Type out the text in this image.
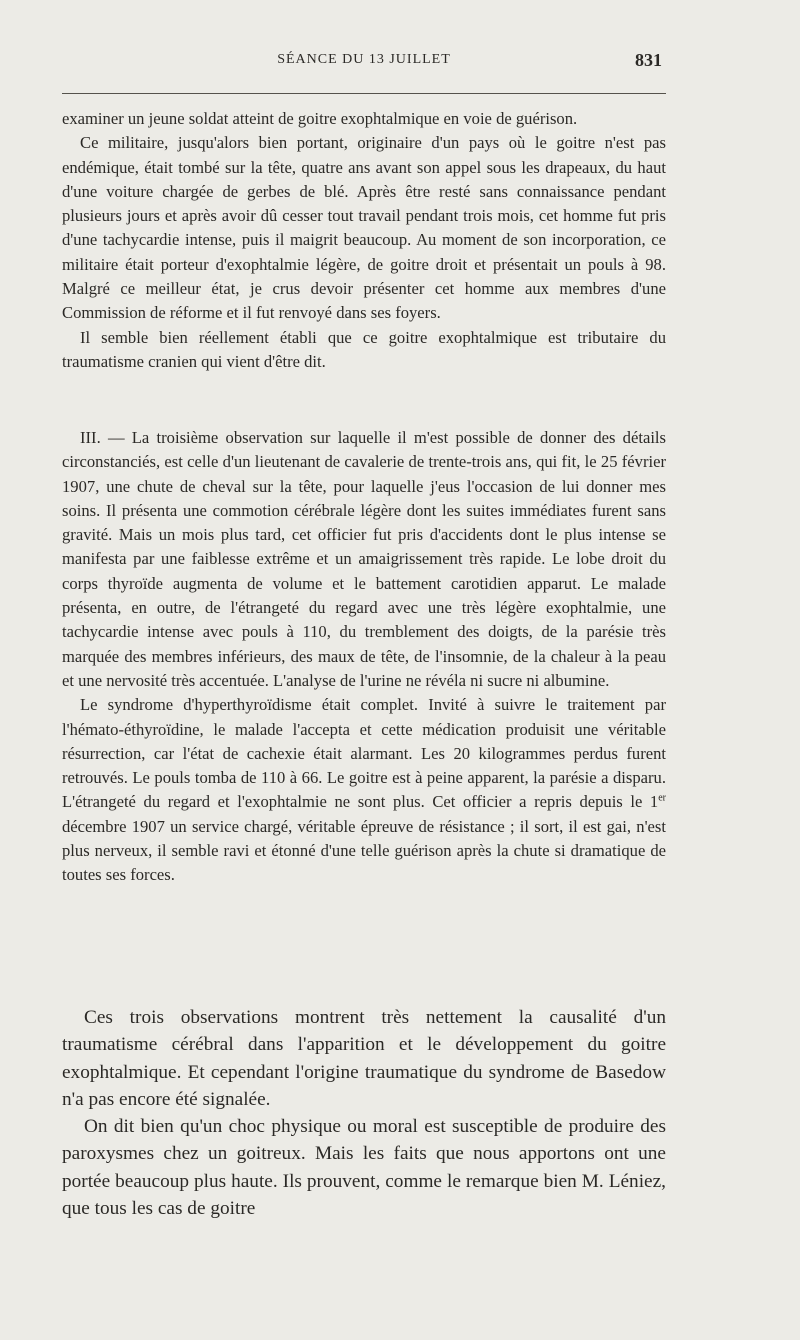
SÉANCE DU 13 JUILLET	831

examiner un jeune soldat atteint de goitre exophtalmique en voie de guérison.

Ce militaire, jusqu'alors bien portant, originaire d'un pays où le goitre n'est pas endémique, était tombé sur la tête, quatre ans avant son appel sous les drapeaux, du haut d'une voiture chargée de gerbes de blé. Après être resté sans connaissance pendant plusieurs jours et après avoir dû cesser tout travail pendant trois mois, cet homme fut pris d'une tachycardie intense, puis il maigrit beaucoup. Au moment de son incorporation, ce militaire était porteur d'exophtalmie légère, de goitre droit et présentait un pouls à 98. Malgré ce meilleur état, je crus devoir présenter cet homme aux membres d'une Commission de réforme et il fut renvoyé dans ses foyers.

Il semble bien réellement établi que ce goitre exophtalmique est tributaire du traumatisme cranien qui vient d'être dit.

III. — La troisième observation sur laquelle il m'est possible de donner des détails circonstanciés, est celle d'un lieutenant de cavalerie de trente-trois ans, qui fit, le 25 février 1907, une chute de cheval sur la tête, pour laquelle j'eus l'occasion de lui donner mes soins. Il présenta une commotion cérébrale légère dont les suites immédiates furent sans gravité. Mais un mois plus tard, cet officier fut pris d'accidents dont le plus intense se manifesta par une faiblesse extrême et un amaigrissement très rapide. Le lobe droit du corps thyroïde augmenta de volume et le battement carotidien apparut. Le malade présenta, en outre, de l'étrangeté du regard avec une très légère exophtalmie, une tachycardie intense avec pouls à 110, du tremblement des doigts, de la parésie très marquée des membres inférieurs, des maux de tête, de l'insomnie, de la chaleur à la peau et une nervosité très accentuée. L'analyse de l'urine ne révéla ni sucre ni albumine.

Le syndrome d'hyperthyroïdisme était complet. Invité à suivre le traitement par l'hémato-éthyroïdine, le malade l'accepta et cette médication produisit une véritable résurrection, car l'état de cachexie était alarmant. Les 20 kilogrammes perdus furent retrouvés. Le pouls tomba de 110 à 66. Le goitre est à peine apparent, la parésie a disparu. L'étrangeté du regard et l'exophtalmie ne sont plus. Cet officier a repris depuis le 1er décembre 1907 un service chargé, véritable épreuve de résistance ; il sort, il est gai, n'est plus nerveux, il semble ravi et étonné d'une telle guérison après la chute si dramatique de toutes ses forces.

Ces trois observations montrent très nettement la causalité d'un traumatisme cérébral dans l'apparition et le développement du goitre exophtalmique. Et cependant l'origine traumatique du syndrome de Basedow n'a pas encore été signalée.

On dit bien qu'un choc physique ou moral est susceptible de produire des paroxysmes chez un goitreux. Mais les faits que nous apportons ont une portée beaucoup plus haute. Ils prouvent, comme le remarque bien M. Léniez, que tous les cas de goitre
